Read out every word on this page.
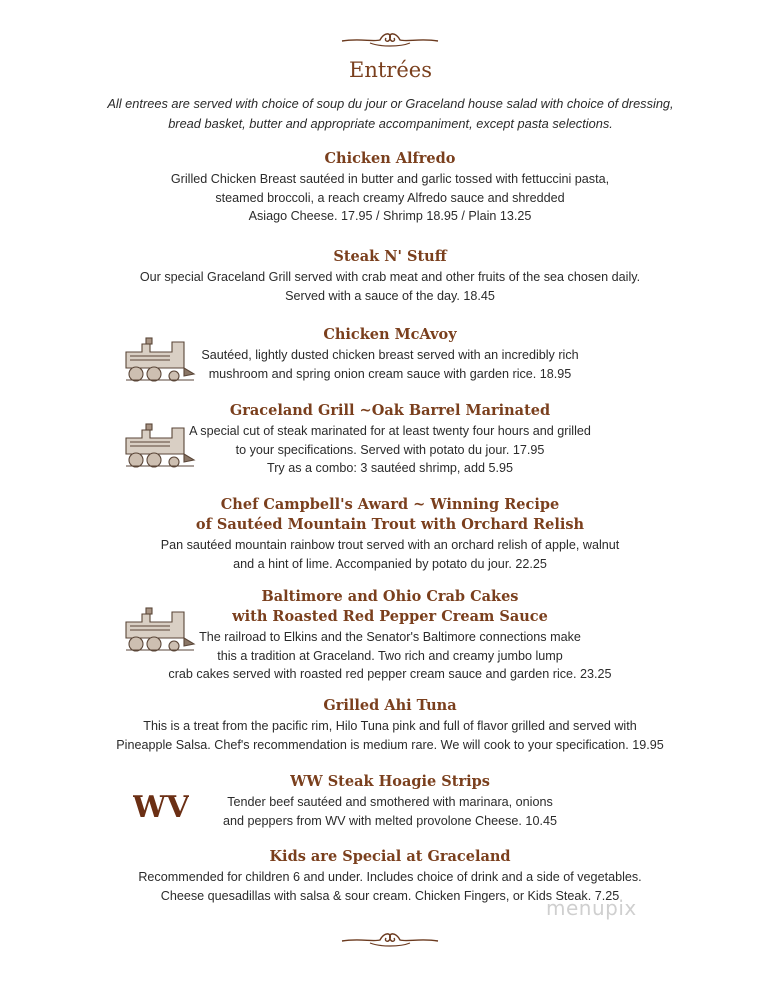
Entrées
All entrees are served with choice of soup du jour or Graceland house salad with choice of dressing,
bread basket, butter and appropriate accompaniment, except pasta selections.
Chicken Alfredo

Grilled Chicken Breast sautéed in butter and garlic tossed with fettuccini pasta,
steamed broccoli, a reach creamy Alfredo sauce and shredded
Asiago Cheese. 17.95 / Shrimp 18.95 / Plain 13.25

Steak N' Stuff

Our special Graceland Grill served with crab meat and other fruits of the sea chosen daily.
Served with a sauce of the day. 18.45

Chicken McAvoy

Sautéed, lightly dusted chicken breast served with an incredibly rich
mushroom and spring onion cream sauce with garden rice. 18.95

Graceland Grill ~Oak Barrel Marinated

A special cut of steak marinated for at least twenty four hours and grilled
to your specifications. Served with potato du jour. 17.95
Try as a combo: 3 sautéed shrimp, add 5.95

Chef Campbell's Award ~ Winning Recipe
of Sautéed Mountain Trout with Orchard Relish

Pan sautéed mountain rainbow trout served with an orchard relish of apple, walnut
and a hint of lime. Accompanied by potato du jour. 22.25

Baltimore and Ohio Crab Cakes
with Roasted Red Pepper Cream Sauce

The railroad to Elkins and the Senator's Baltimore connections make
this a tradition at Graceland. Two rich and creamy jumbo lump
crab cakes served with roasted red pepper cream sauce and garden rice. 23.25

Grilled Ahi Tuna

This is a treat from the pacific rim, Hilo Tuna pink and full of flavor grilled and served with
Pineapple Salsa. Chef's recommendation is medium rare. We will cook to your specification. 19.95

WW Steak Hoagie Strips

Tender beef sautéed and smothered with marinara, onions
and peppers from WV with melted provolone Cheese. 10.45

Kids are Special at Graceland

Recommended for children 6 and under. Includes choice of drink and a side of vegetables.
Cheese quesadillas with salsa & sour cream. Chicken Fingers, or Kids Steak. 7.25

WV
menupix
